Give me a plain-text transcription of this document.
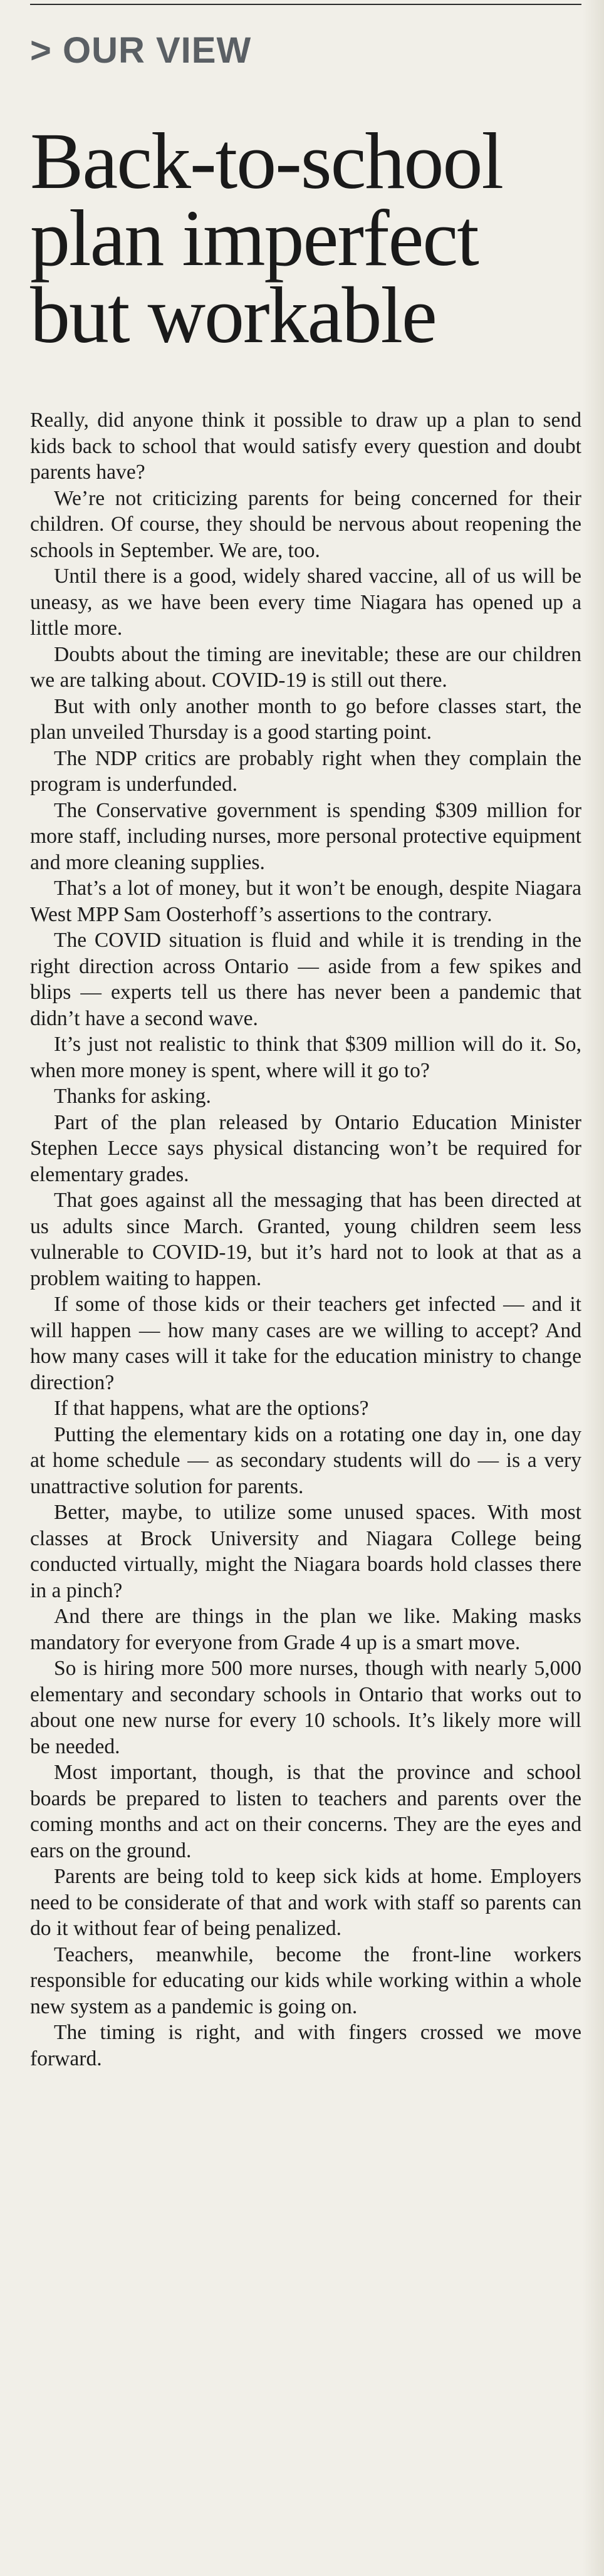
> OUR VIEW
Back-to-school plan imperfect but workable

Really, did anyone think it possible to draw up a plan to send kids back to school that would satisfy every question and doubt parents have?

We’re not criticizing parents for being concerned for their children. Of course, they should be nervous about reopening the schools in September. We are, too.

Until there is a good, widely shared vaccine, all of us will be uneasy, as we have been every time Niagara has opened up a little more.

Doubts about the timing are inevitable; these are our children we are talking about. COVID-19 is still out there.

But with only another month to go before classes start, the plan unveiled Thursday is a good starting point.

The NDP critics are probably right when they complain the program is underfunded.

The Conservative government is spending $309 million for more staff, including nurses, more personal protective equipment and more cleaning supplies.

That’s a lot of money, but it won’t be enough, despite Niagara West MPP Sam Oosterhoff’s assertions to the contrary.

The COVID situation is fluid and while it is trending in the right direction across Ontario — aside from a few spikes and blips — experts tell us there has never been a pandemic that didn’t have a second wave.

It’s just not realistic to think that $309 million will do it. So, when more money is spent, where will it go to?

Thanks for asking.

Part of the plan released by Ontario Education Minister Stephen Lecce says physical distancing won’t be required for elementary grades.

That goes against all the messaging that has been directed at us adults since March. Granted, young children seem less vulnerable to COVID-19, but it’s hard not to look at that as a problem waiting to happen.

If some of those kids or their teachers get infected — and it will happen — how many cases are we willing to accept? And how many cases will it take for the education ministry to change direction?

If that happens, what are the options?

Putting the elementary kids on a rotating one day in, one day at home schedule — as secondary students will do — is a very unattractive solution for parents.

Better, maybe, to utilize some unused spaces. With most classes at Brock University and Niagara College being conducted virtually, might the Niagara boards hold classes there in a pinch?

And there are things in the plan we like. Making masks mandatory for everyone from Grade 4 up is a smart move.

So is hiring more 500 more nurses, though with nearly 5,000 elementary and secondary schools in Ontario that works out to about one new nurse for every 10 schools. It’s likely more will be needed.

Most important, though, is that the province and school boards be prepared to listen to teachers and parents over the coming months and act on their concerns. They are the eyes and ears on the ground.

Parents are being told to keep sick kids at home. Employers need to be considerate of that and work with staff so parents can do it without fear of being penalized.

Teachers, meanwhile, become the front-line workers responsible for educating our kids while working within a whole new system as a pandemic is going on.

The timing is right, and with fingers crossed we move forward.
